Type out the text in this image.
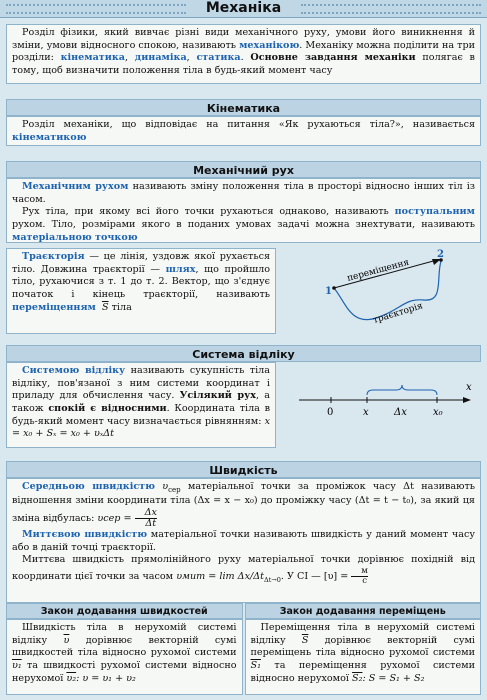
Механіка

Розділ фізики, який вивчає різні види механічного руху, умови його виникнення й зміни, умови відносного спокою, називають механікою. Механіку можна поділити на три розділи: кінематика, динаміка, статика. Основне завдання механіки полягає в тому, щоб визначити положення тіла в будь-який момент часу

Кінематика

Розділ механіки, що відповідає на питання «Як рухаються тіла?», називається кінематикою

Механічний рух

Механічним рухом називають зміну положення тіла в просторі відносно інших тіл із часом.

Рух тіла, при якому всі його точки рухаються однаково, називають поступальним рухом. Тіло, розмірами якого в поданих умовах задачі можна знехтувати, називають матеріальною точкою

Траєкторія — це лінія, уздовж якої рухається тіло. Довжина траєкторії — шлях, що пройшло тіло, рухаючися з т. 1 до т. 2. Вектор, що з'єднує початок і кінець траєкторії, називають переміщенням $\overline{S}$ тіла

1
2
переміщення
траєкторія
Система відліку

Системою відліку називають сукупність тіла відліку, пов'язаної з ним системи координат і приладу для обчислення часу. Усілякий рух, а також спокій є відносними. Координата тіла в будь-який момент часу визначається рівнянням: x = x₀ + Sₓ = x₀ + υₓΔt

0	x	Δx	x₀
x
Швидкість

Середньою швидкістю $\upsilon_{сер}$ матеріальної точки за проміжок часу Δt називають відношення зміни координати тіла (Δx = x − x₀) до проміжку часу (Δt = t − t₀), за який ця зміна відбулась: $\upsilon сер = \frac{\Delta x}{\Delta t}$

Миттєвою швидкістю матеріальної точки називають швидкість у даний момент часу або в даній точці траєкторії.

Миттєва швидкість прямолінійного руху матеріальної точки дорівнює похідній від координати цієї точки за часом $\upsilon мит = \lim \Delta x/\Delta t_{\Delta t\to 0}$. У СІ — [υ] =	м
с

Закон додавання швидкостей

Швидкість тіла в нерухомій системі відліку $\overline{\upsilon}$ дорівнює векторній сумі швидкостей тіла відносно рухомої системи υ₁ та швидкості рухомої системи відносно нерухомої υ₂: υ = υ₁ + υ₂

Закон додавання переміщень

Переміщення тіла в нерухомій системі відліку $\overline{S}$ дорівнює векторній сумі переміщень тіла відносно рухомої системи S₁ та переміщення рухомої системи відносно нерухомої S₂: S = S₁ + S₂
